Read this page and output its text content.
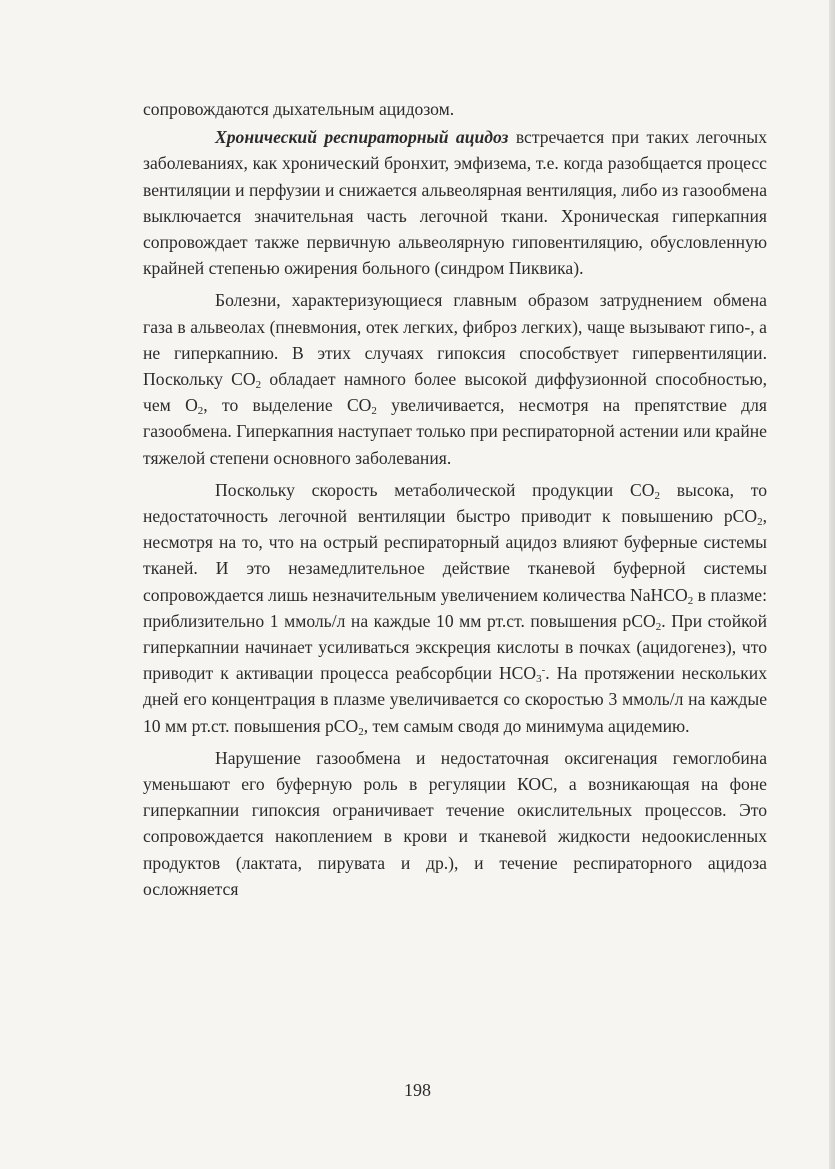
сопровождаются дыхательным ацидозом.

Хронический респираторный ацидоз встречается при таких легочных заболеваниях, как хронический бронхит, эмфизема, т.е. когда разобщается процесс вентиляции и перфузии и снижается альвеолярная вентиляция, либо из газообмена выключается значительная часть легочной ткани. Хроническая гиперкапния сопровождает также первичную альвеолярную гиповентиляцию, обусловленную крайней степенью ожирения больного (синдром Пиквика).

Болезни, характеризующиеся главным образом затруднением обмена газа в альвеолах (пневмония, отек легких, фиброз легких), чаще вызывают гипо-, а не гиперкапнию. В этих случаях гипоксия способствует гипервентиляции. Поскольку $CO_2$ обладает намного более высокой диффузионной способностью, чем $O_2$, то выделение $CO_2$ увеличивается, несмотря на препятствие для газообмена. Гиперкапния наступает только при респираторной астении или крайне тяжелой степени основного заболевания.

Поскольку скорость метаболической продукции $CO_2$ высока, то недостаточность легочной вентиляции быстро приводит к повышению pCO$_2$, несмотря на то, что на острый респираторный ацидоз влияют буферные системы тканей. И это незамедлительное действие тканевой буферной системы сопровождается лишь незначительным увеличением количества NaHCO$_2$ в плазме: приблизительно 1 ммоль/л на каждые 10 мм рт.ст. повышения pCO$_2$. При стойкой гиперкапнии начинает усиливаться экскреция кислоты в почках (ацидогенез), что приводит к активации процесса реабсорбции $HCO_3^-$. На протяжении нескольких дней его концентрация в плазме увеличивается со скоростью 3 ммоль/л на каждые 10 мм рт.ст. повышения pCO$_2$, тем самым сводя до минимума ацидемию.

Нарушение газообмена и недостаточная оксигенация гемоглобина уменьшают его буферную роль в регуляции КОС, а возникающая на фоне гиперкапнии гипоксия ограничивает течение окислительных процессов. Это сопровождается накоплением в крови и тканевой жидкости недоокисленных продуктов (лактата, пирувата и др.), и течение респираторного ацидоза осложняется

198
